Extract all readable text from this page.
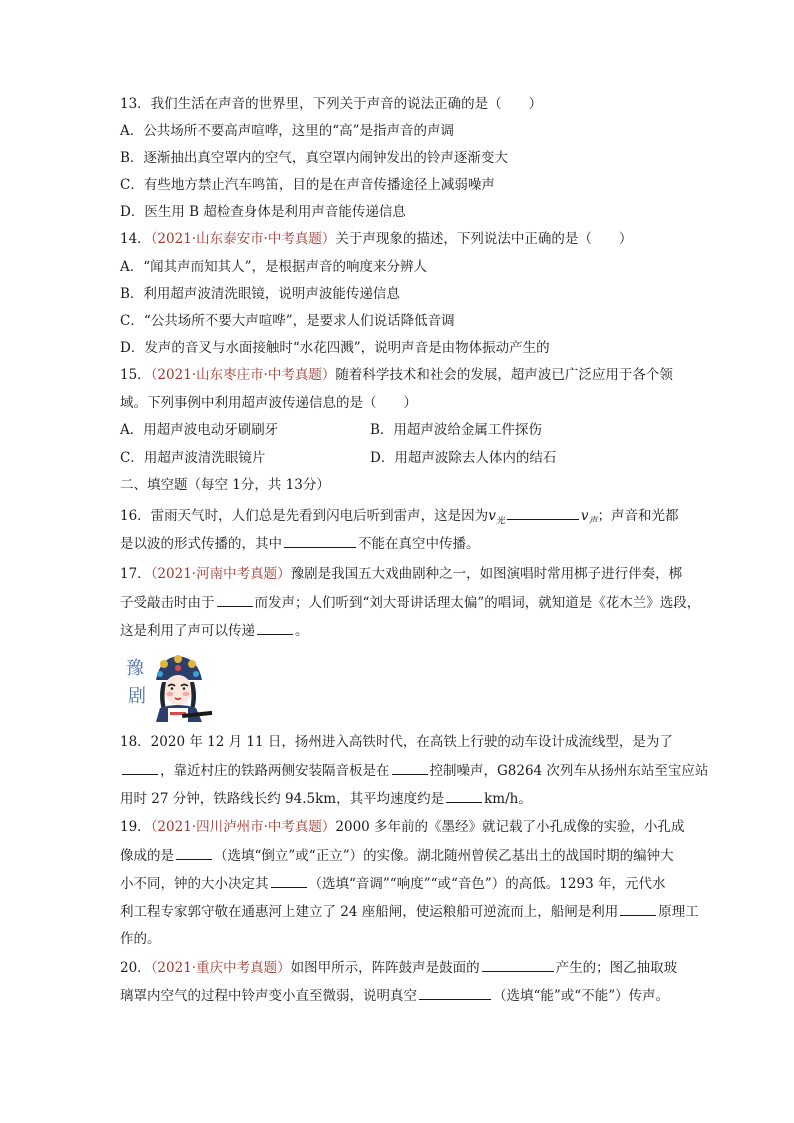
13．我们生活在声音的世界里，下列关于声音的说法正确的是（　　）
A．公共场所不要高声喧哗，这里的“高”是指声音的声调
B．逐渐抽出真空罩内的空气，真空罩内闹钟发出的铃声逐渐变大
C．有些地方禁止汽车鸣笛，目的是在声音传播途径上减弱噪声
D．医生用 B 超检查身体是利用声音能传递信息
14．（2021·山东泰安市·中考真题）关于声现象的描述，下列说法中正确的是（　　）
A．“闻其声而知其人”，是根据声音的响度来分辨人
B．利用超声波清洗眼镜，说明声波能传递信息
C．“公共场所不要大声喧哗”，是要求人们说话降低音调
D．发声的音叉与水面接触时“水花四溅”，说明声音是由物体振动产生的
15．（2021·山东枣庄市·中考真题）随着科学技术和社会的发展，超声波已广泛应用于各个领
域。下列事例中利用超声波传递信息的是（　　）
A．用超声波电动牙刷刷牙	B．用超声波给金属工件探伤
C．用超声波清洗眼镜片	D．用超声波除去人体内的结石
二、填空题（每空 1分，共 13分）
16．雷雨天气时，人们总是先看到闪电后听到雷声，这是因为$v_光$	$v_声$；声音和光都
是以波的形式传播的，其中	不能在真空中传播。
17．（2021·河南中考真题）豫剧是我国五大戏曲剧种之一，如图演唱时常用梆子进行伴奏，梆
子受敲击时由于	而发声；人们听到“刘大哥讲话理太偏”的唱词，就知道是《花木兰》选段，
这是利用了声可以传递	。
豫
剧
18．2020 年 12 月 11 日，扬州进入高铁时代，在高铁上行驶的动车设计成流线型，是为了
，靠近村庄的铁路两侧安装隔音板是在	控制噪声，G8264 次列车从扬州东站至宝应站
用时 27 分钟，铁路线长约 94.5km，其平均速度约是	km/h。
19．（2021·四川泸州市·中考真题）2000 多年前的《墨经》就记载了小孔成像的实验，小孔成
像成的是	（选填“倒立”或“正立”）的实像。湖北随州曾侯乙基出土的战国时期的编钟大
小不同，钟的大小决定其	（选填“音调”“响度”“或“音色”）的高低。1293 年，元代水
利工程专家郭守敬在通惠河上建立了 24 座船闸，使运粮船可逆流而上，船闸是利用	原理工
作的。
20．（2021·重庆中考真题）如图甲所示，阵阵鼓声是鼓面的	产生的；图乙抽取玻
璃罩内空气的过程中铃声变小直至微弱，说明真空	（选填“能”或“不能”）传声。
